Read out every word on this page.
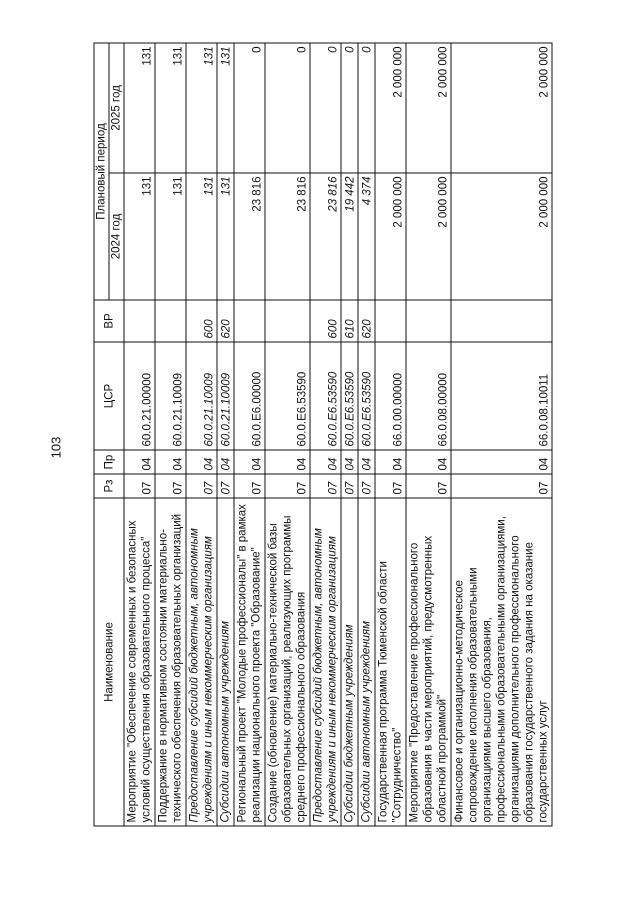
103
Наименование	Рз	Пр	ЦСР	ВР	Плановый период	
					2024 год	2025 год
Мероприятие "Обеспечение современных и безопасных условий осуществления образовательного процесса"	07	04	60.0.21.00000		131	131
Поддержание в нормативном состоянии материально-технического обеспечения образовательных организаций	07	04	60.0.21.10009		131	131
Предоставление субсидий бюджетным, автономным учреждениям и иным некоммерческим организациям	07	04	60.0.21.10009	600	131	131
Субсидии автономным учреждениям	07	04	60.0.21.10009	620	131	131
Региональный проект "Молодые профессионалы" в рамках реализации национального проекта "Образование"	07	04	60.0.Е6.00000		23 816	0
Создание (обновление) материально-технической базы образовательных организаций, реализующих программы среднего профессионального образования	07	04	60.0.Е6.53590		23 816	0
Предоставление субсидий бюджетным, автономным учреждениям и иным некоммерческим организациям	07	04	60.0.Е6.53590	600	23 816	0
Субсидии бюджетным учреждениям	07	04	60.0.Е6.53590	610	19 442	0
Субсидии автономным учреждениям	07	04	60.0.Е6.53590	620	4 374	0
Государственная программа Тюменской области "Сотрудничество"	07	04	66.0.00.00000		2 000 000	2 000 000
Мероприятие "Предоставление профессионального образования в части мероприятий, предусмотренных областной программой"	07	04	66.0.08.00000		2 000 000	2 000 000
Финансовое и организационно-методическое сопровождение исполнения образовательными организациями высшего образования, профессиональными образовательными организациями, организациями дополнительного профессионального образования государственного задания на оказание государственных услуг	07	04	66.0.08.10011		2 000 000	2 000 000
